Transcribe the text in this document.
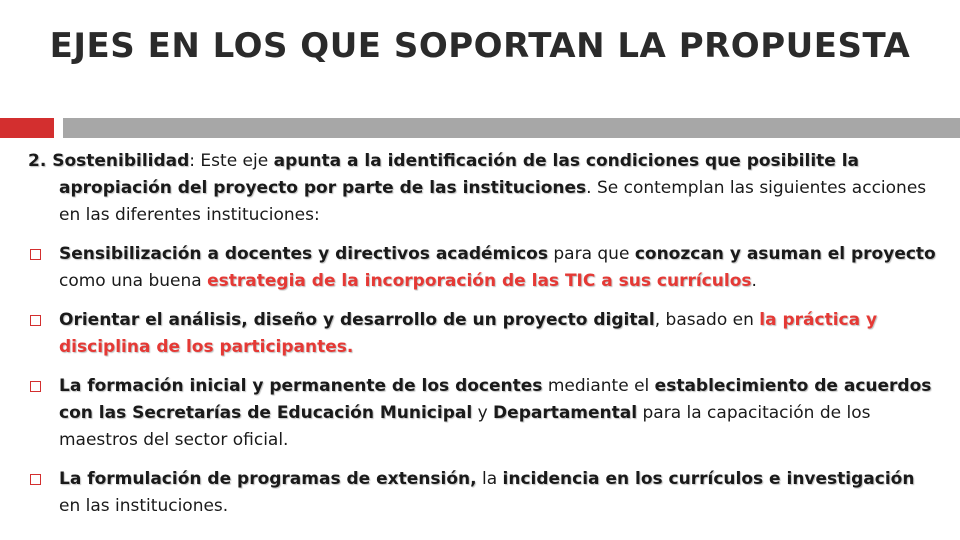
EJES EN LOS QUE SOPORTAN LA PROPUESTA

2. Sostenibilidad: Este eje apunta a la identificación de las condiciones que posibilite la apropiación del proyecto por parte de las instituciones. Se contemplan las siguientes acciones en las diferentes instituciones:

Sensibilización a docentes y directivos académicos para que conozcan y asuman el proyecto como una buena estrategia de la incorporación de las TIC a sus currículos.
Orientar el análisis, diseño y desarrollo de un proyecto digital, basado en la práctica y disciplina de los participantes.
La formación inicial y permanente de los docentes mediante el establecimiento de acuerdos con las Secretarías de Educación Municipal y Departamental para la capacitación de los maestros del sector oficial.
La formulación de programas de extensión, la incidencia en los currículos e investigación en las instituciones.
